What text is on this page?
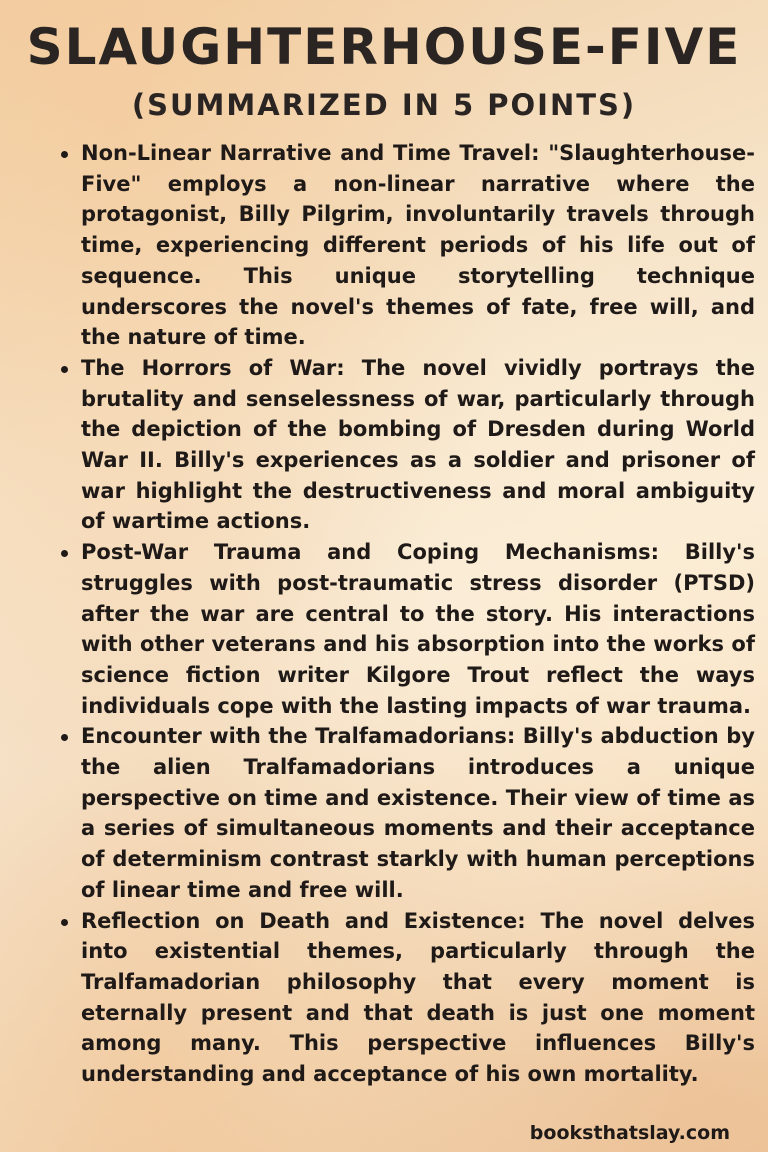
SLAUGHTERHOUSE-FIVE
(SUMMARIZED IN 5 POINTS)
Non-Linear Narrative and Time Travel: "Slaughterhouse-Five" employs a non-linear narrative where the protagonist, Billy Pilgrim, involuntarily travels through time, experiencing different periods of his life out of sequence. This unique storytelling technique underscores the novel's themes of fate, free will, and the nature of time.
The Horrors of War: The novel vividly portrays the brutality and senselessness of war, particularly through the depiction of the bombing of Dresden during World War II. Billy's experiences as a soldier and prisoner of war highlight the destructiveness and moral ambiguity of wartime actions.
Post-War Trauma and Coping Mechanisms: Billy's struggles with post-traumatic stress disorder (PTSD) after the war are central to the story. His interactions with other veterans and his absorption into the works of science fiction writer Kilgore Trout reflect the ways individuals cope with the lasting impacts of war trauma.
Encounter with the Tralfamadorians: Billy's abduction by the alien Tralfamadorians introduces a unique perspective on time and existence. Their view of time as a series of simultaneous moments and their acceptance of determinism contrast starkly with human perceptions of linear time and free will.
Reflection on Death and Existence: The novel delves into existential themes, particularly through the Tralfamadorian philosophy that every moment is eternally present and that death is just one moment among many. This perspective influences Billy's understanding and acceptance of his own mortality.
booksthatslay.com
